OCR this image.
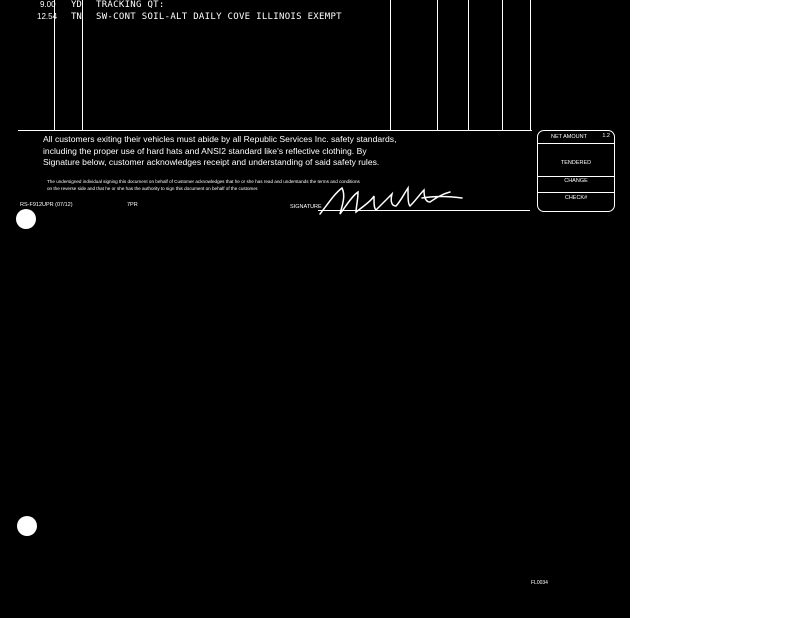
9.00 YD TRACKING QT:
12.54 TN SW-CONT SOIL-ALT DAILY COVE ILLINOIS EXEMPT
All customers exiting their vehicles must abide by all Republic Services Inc. safety standards,
including the proper use of hard hats and ANSI2 standard like's reflective clothing. By
Signature below, customer acknowledges receipt and understanding of said safety rules.
The undersigned individual signing this document on behalf of Customer acknowledges that he or she has read and understands the terms and conditions
on the reverse side and that he or she has the authority to sign this document on behalf of the customer.
RS-F912UPR (07/12)	7PR	SIGNATURE
NET AMOUNT	1.2
TENDERED
CHANGE
CHECK#
FL0034
